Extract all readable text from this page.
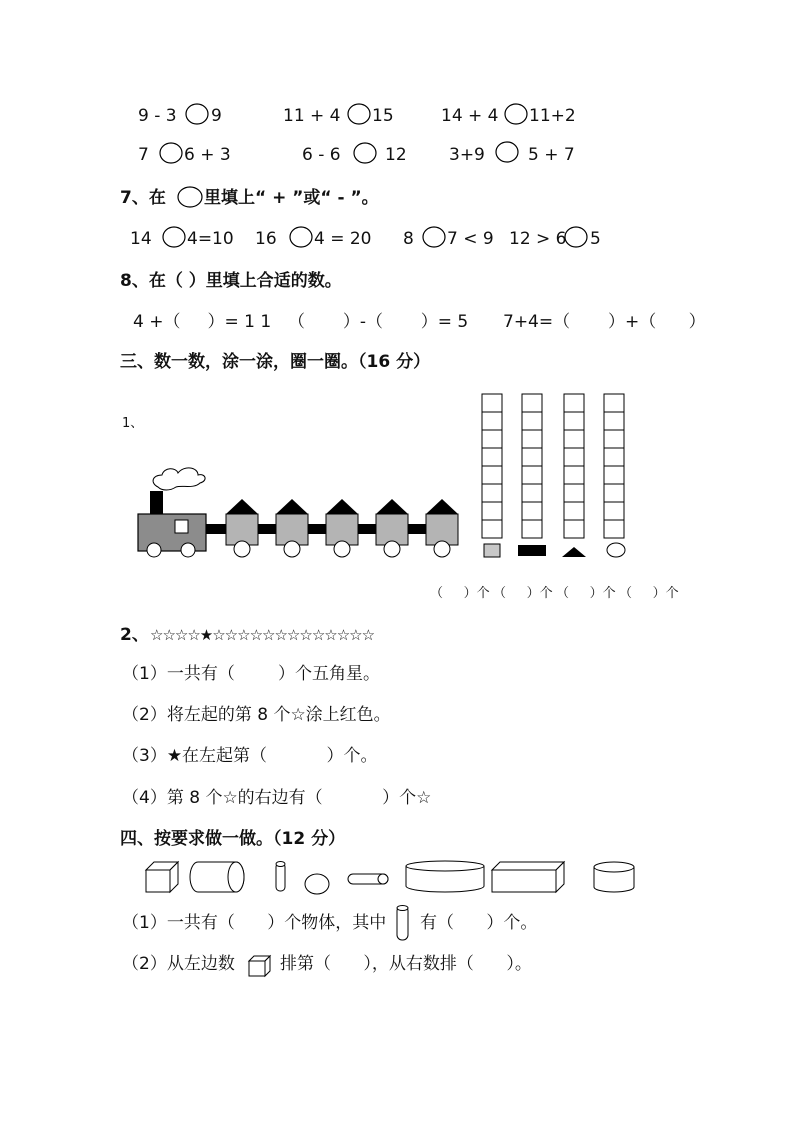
9 - 3 9	11 + 4 15	14 + 4 11+2
7 6 + 3	6 - 6	12 3+9	5 + 7
7、在 里填上“ + ”或“ - ”。
14 4=10 16 4 = 20 8 7 < 9 12 > 6 5
8、在（ ）里填上合适的数。
4 +（     ）= 1 1 （       ）-（       ）= 5 7+4=（       ）+（      ）
三、数一数，涂一涂，圈一圈。（16 分）
1、
（     ）个 （     ）个 （     ）个 （     ）个
2、 ☆☆☆☆★☆☆☆☆☆☆☆☆☆☆☆☆☆
（1）一共有（        ）个五角星。
（2）将左起的第 8 个☆涂上红色。
（3）★在左起第（           ）个。
（4）第 8 个☆的右边有（           ）个☆
四、按要求做一做。（12 分）
（1）一共有（      ）个物体，其中 有（      ）个。
（2）从左边数	排第（      ），从右数排（      ）。
